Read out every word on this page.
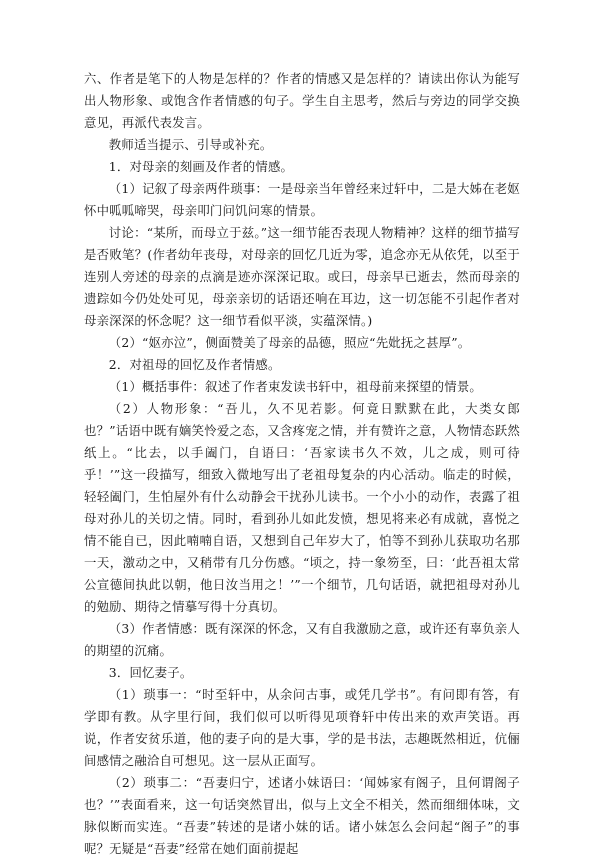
六、作者是笔下的人物是怎样的？作者的情感又是怎样的？请读出你认为能写出人物形象、或饱含作者情感的句子。学生自主思考，然后与旁边的同学交换意见，再派代表发言。

教师适当提示、引导或补充。

1．对母亲的刻画及作者的情感。

（1）记叙了母亲两件琐事：一是母亲当年曾经来过轩中，二是大姊在老妪怀中呱呱啼哭，母亲叩门问饥问寒的情景。

讨论：“某所，而母立于兹。”这一细节能否表现人物精神？这样的细节描写是否败笔？(作者幼年丧母，对母亲的回忆几近为零，追念亦无从依凭，以至于连别人旁述的母亲的点滴是迹亦深深记取。或曰，母亲早已逝去，然而母亲的遗踪如今仍处处可见，母亲亲切的话语还响在耳边，这一切怎能不引起作者对母亲深深的怀念呢？这一细节看似平淡，实蕴深情。)

（2）“妪亦泣”，侧面赞美了母亲的品德，照应“先妣抚之甚厚”。

2．对祖母的回忆及作者情感。

（1）概括事件：叙述了作者束发读书轩中，祖母前来探望的情景。

（2）人物形象：“吾儿，久不见若影。何竟日默默在此，大类女郎也？”话语中既有嫡笑怜爱之态，又含疼宠之情，并有赞许之意，人物情态跃然纸上。“比去，以手阖门，自语曰：‘吾家读书久不效，儿之成，则可待乎！’”这一段描写，细致入微地写出了老祖母复杂的内心活动。临走的时候，轻轻阖门，生怕屋外有什么动静会干扰孙儿读书。一个小小的动作，表露了祖母对孙儿的关切之情。同时，看到孙儿如此发愤，想见将来必有成就，喜悦之情不能自已，因此喃喃自语，又想到自己年岁大了，怕等不到孙儿获取功名那一天，激动之中，又稍带有几分伤感。“顷之，持一象笏至，曰：‘此吾祖太常公宣德间执此以朝，他日汝当用之！’”一个细节，几句话语，就把祖母对孙儿的勉励、期待之情摹写得十分真切。

（3）作者情感：既有深深的怀念，又有自我激励之意，或许还有辜负亲人的期望的沉痛。

3．回忆妻子。

（1）琐事一：“时至轩中，从余问古事，或凭几学书”。有问即有答，有学即有教。从字里行间，我们似可以听得见项脊轩中传出来的欢声笑语。再说，作者安贫乐道，他的妻子向的是大事，学的是书法，志趣既然相近，伉俪间感情之融洽自可想见。这一层从正面写。

（2）琐事二：“吾妻归宁，述诸小妹语曰：‘闻姊家有阁子，且何谓阁子也？’”表面看来，这一句话突然冒出，似与上文全不相关，然而细细体味，文脉似断而实连。“吾妻”转述的是诸小妹的话。诸小妹怎么会问起“阁子”的事呢？无疑是“吾妻”经常在她们面前提起
